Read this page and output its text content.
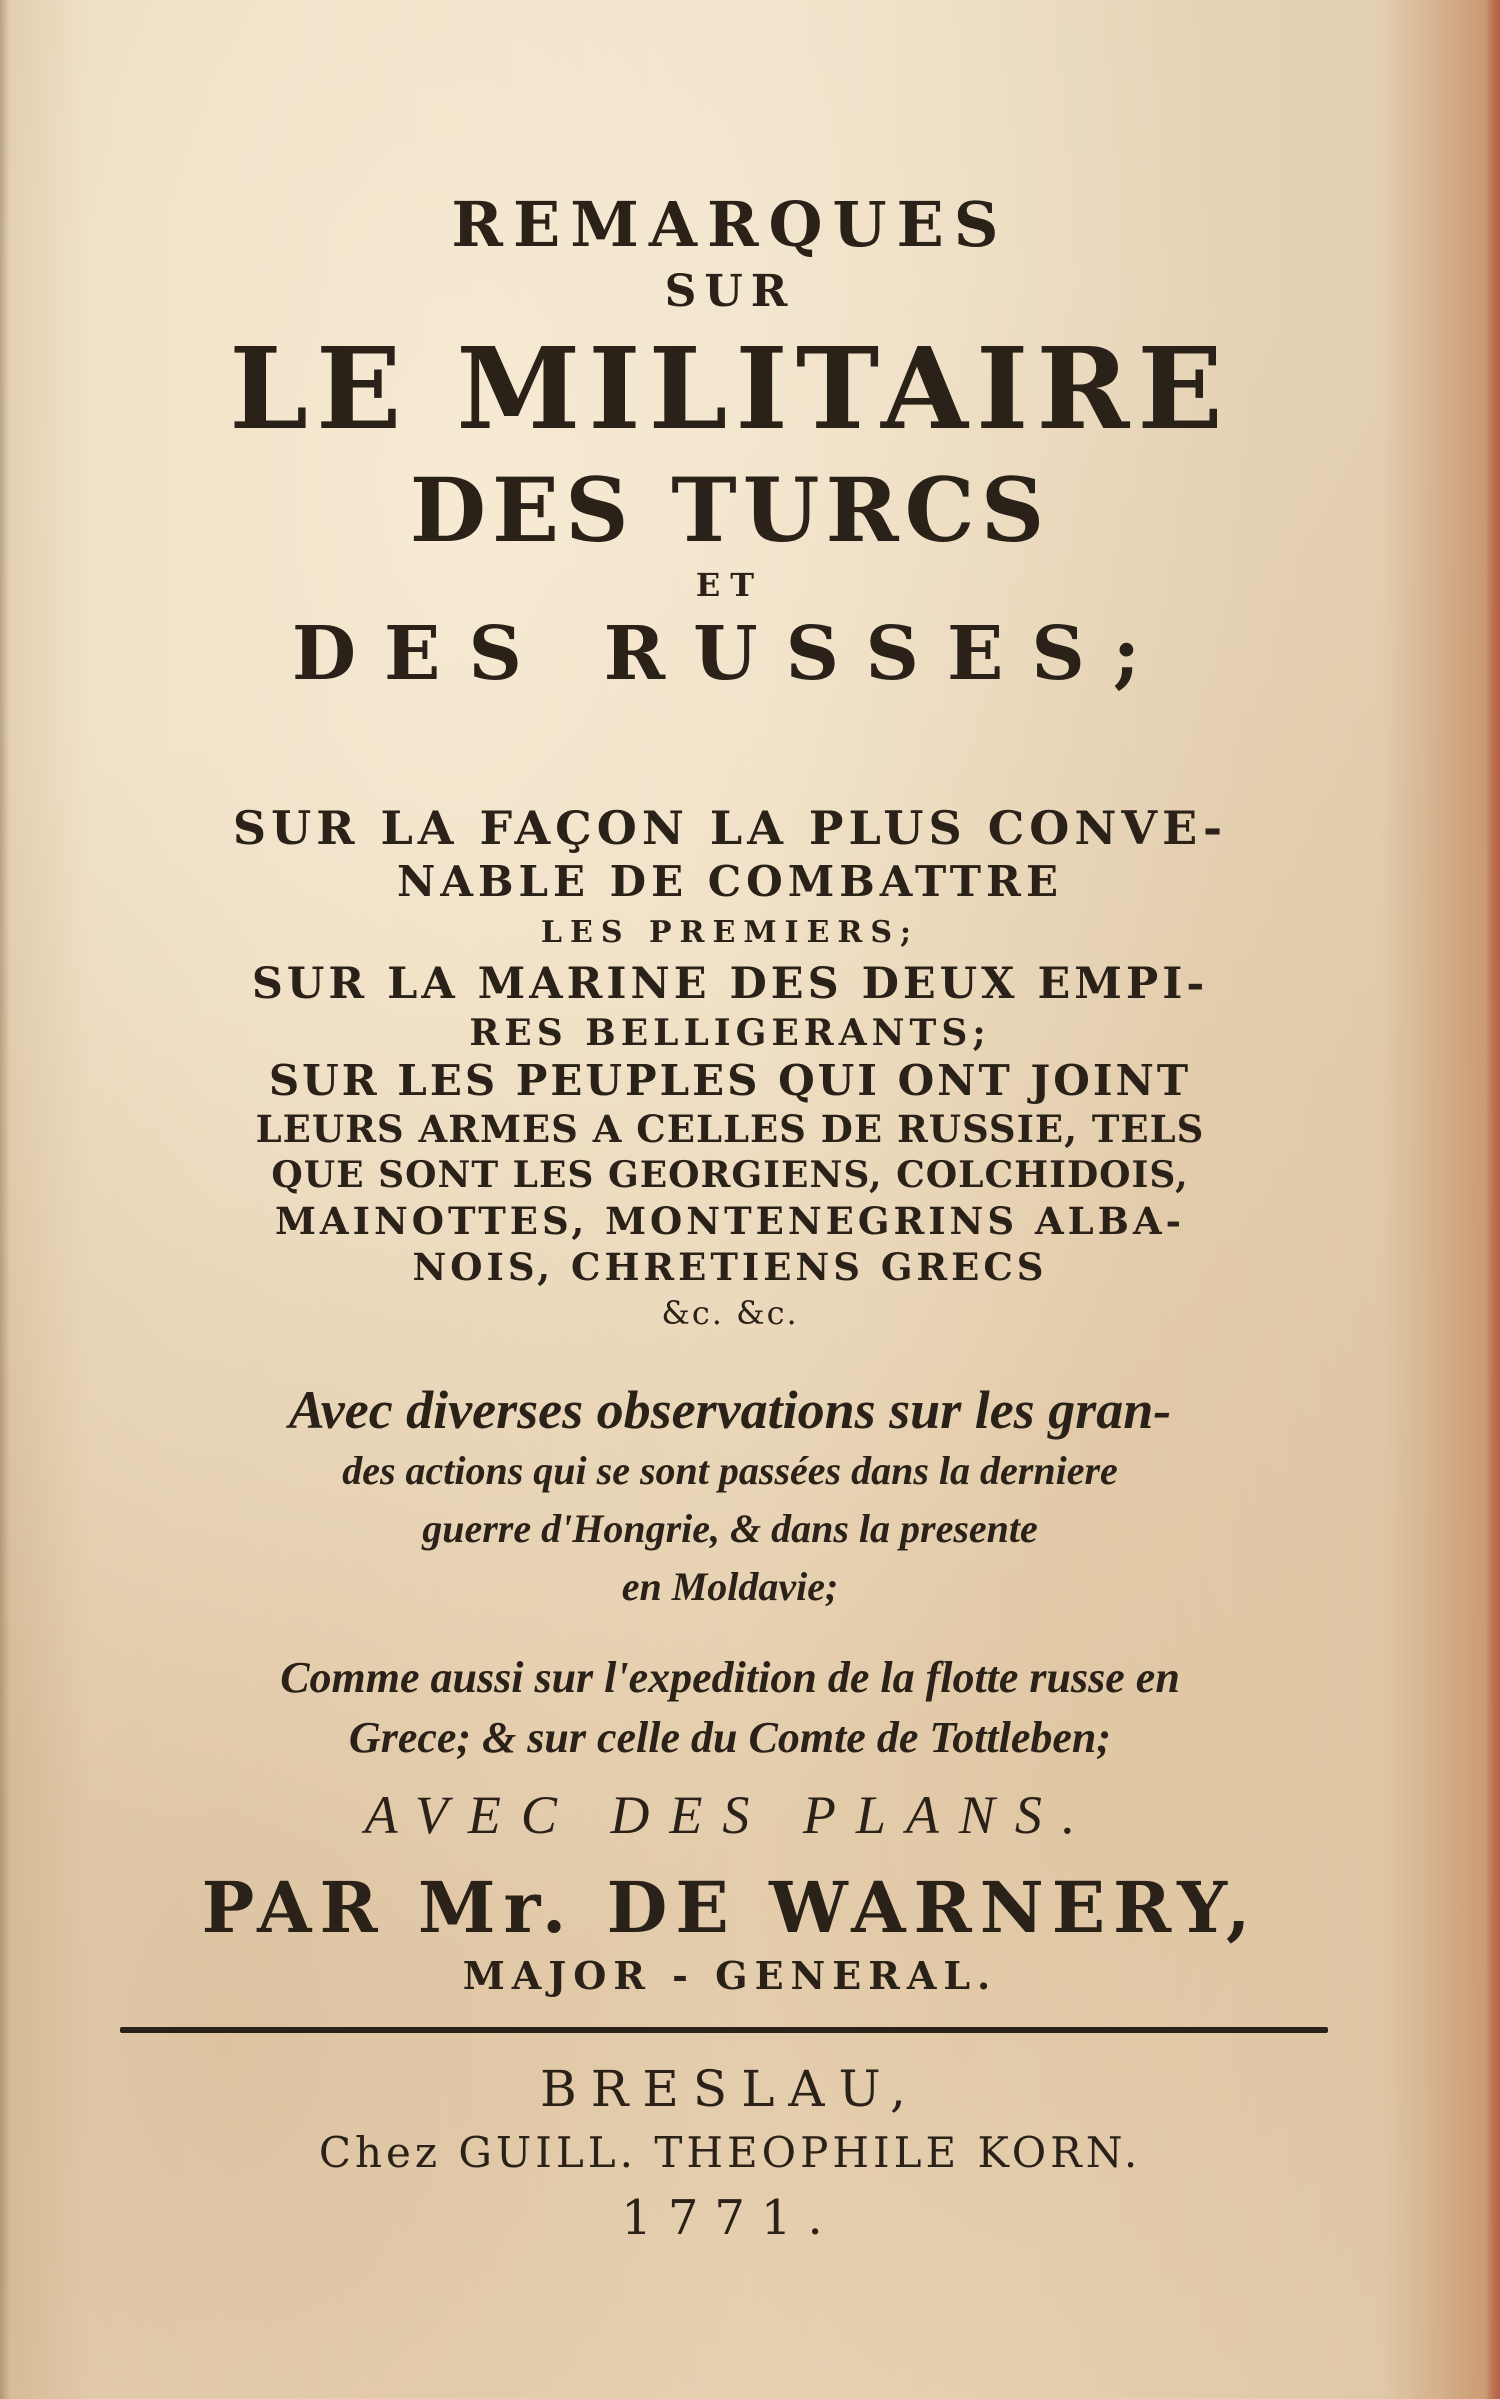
REMARQUES
SUR
LE MILITAIRE
DES TURCS
ET
DES RUSSES;
SUR LA FAÇON LA PLUS CONVE-
NABLE DE COMBATTRE
LES PREMIERS;
SUR LA MARINE DES DEUX EMPI-
RES BELLIGERANTS;
SUR LES PEUPLES QUI ONT JOINT
LEURS ARMES A CELLES DE RUSSIE, TELS
QUE SONT LES GEORGIENS, COLCHIDOIS,
MAINOTTES, MONTENEGRINS ALBA-
NOIS, CHRETIENS GRECS
&c. &c.
Avec diverses observations sur les gran-
des actions qui se sont passées dans la derniere
guerre d'Hongrie, & dans la presente
en Moldavie;
Comme aussi sur l'expedition de la flotte russe en
Grece; & sur celle du Comte de Tottleben;
AVEC DES PLANS.
PAR Mr. DE WARNERY,
MAJOR - GENERAL.
BRESLAU,
Chez GUILL. THEOPHILE KORN.
1771.
